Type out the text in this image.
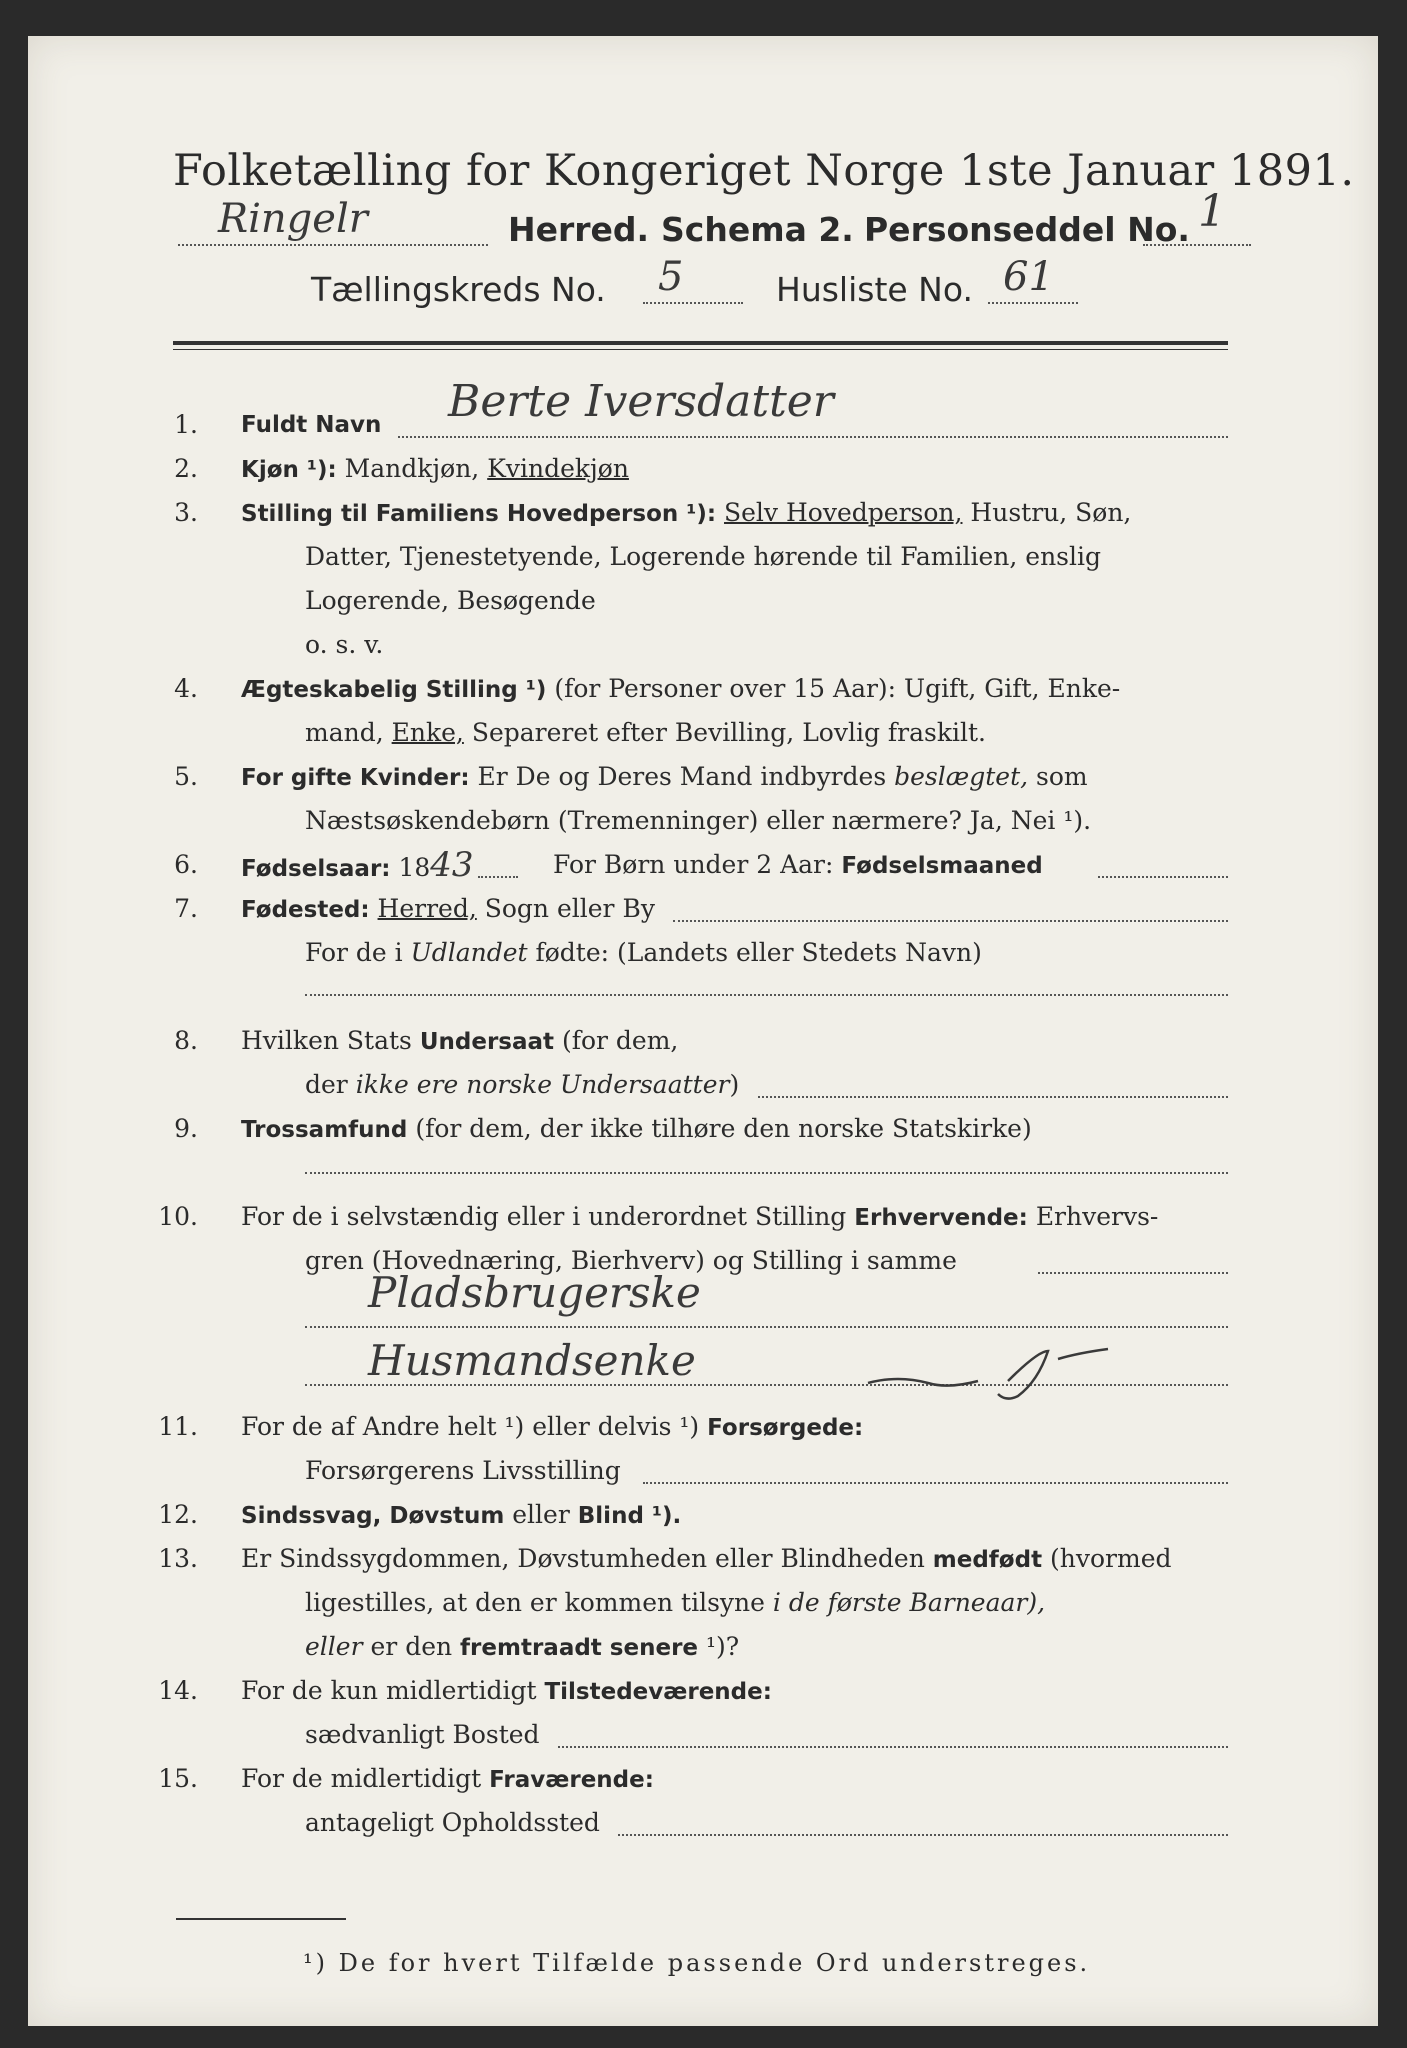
Folketælling for Kongeriget Norge 1ste Januar 1891.
Ringelr	Herred. Schema 2. Personseddel No. 1
Tællingskreds No. 5	Husliste No. 61
1. Fuldt Navn Berte Iversdatter
2. Kjøn ¹): Mandkjøn, Kvindekjøn
3. Stilling til Familiens Hovedperson ¹): Selv Hovedperson, Hustru, Søn,
Datter, Tjenestetyende, Logerende hørende til Familien, enslig
Logerende, Besøgende
o. s. v.
4. Ægteskabelig Stilling ¹) (for Personer over 15 Aar): Ugift, Gift, Enke-
mand, Enke, Separeret efter Bevilling, Lovlig fraskilt.
5. For gifte Kvinder: Er De og Deres Mand indbyrdes beslægtet, som
Næstsøskendebørn (Tremenninger) eller nærmere? Ja, Nei ¹).
6. Fødselsaar: 1843	For Børn under 2 Aar: Fødselsmaaned
7. Fødested: Herred, Sogn eller By
For de i Udlandet fødte: (Landets eller Stedets Navn)
8. Hvilken Stats Undersaat (for dem,
der ikke ere norske Undersaatter)
9. Trossamfund (for dem, der ikke tilhøre den norske Statskirke)
10. For de i selvstændig eller i underordnet Stilling Erhvervende: Erhvervs-
gren (Hovednæring, Bierhverv) og Stilling i samme
Pladsbrugerske
Husmandsenke
11. For de af Andre helt ¹) eller delvis ¹) Forsørgede:
Forsørgerens Livsstilling
12. Sindssvag, Døvstum eller Blind ¹).
13. Er Sindssygdommen, Døvstumheden eller Blindheden medfødt (hvormed
ligestilles, at den er kommen tilsyne i de første Barneaar),
eller er den fremtraadt senere ¹)?
14. For de kun midlertidigt Tilstedeværende:
sædvanligt Bosted
15. For de midlertidigt Fraværende:
antageligt Opholdssted
¹) De for hvert Tilfælde passende Ord understreges.
